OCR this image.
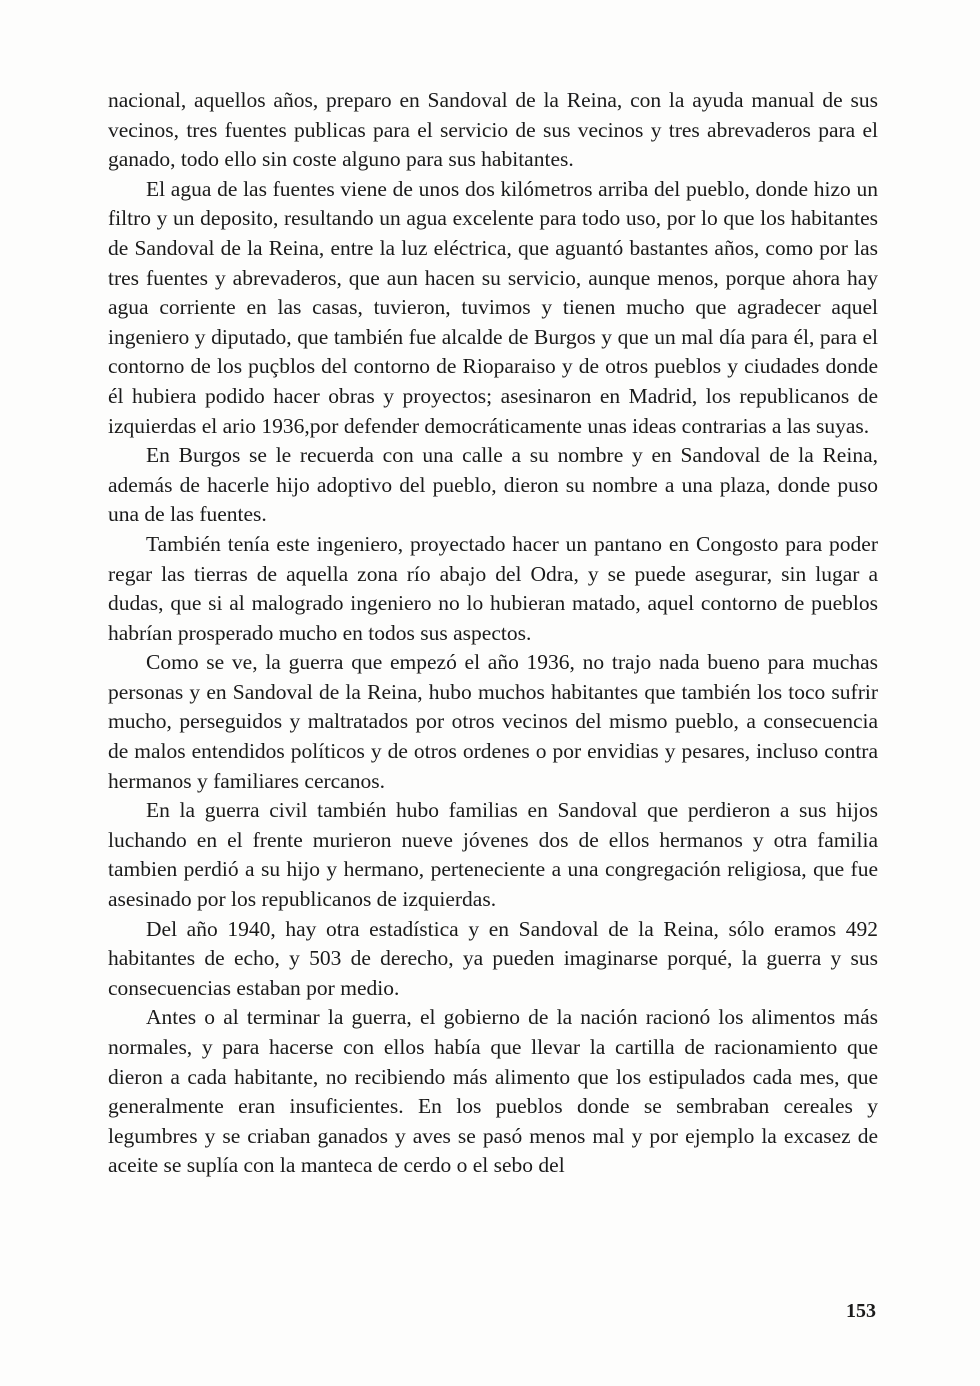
nacional, aquellos años, preparo en Sandoval de la Reina, con la ayuda manual de sus vecinos, tres fuentes publicas para el servicio de sus vecinos y tres abrevaderos para el ganado, todo ello sin coste alguno para sus habitantes.

El agua de las fuentes viene de unos dos kilómetros arriba del pueblo, donde hizo un filtro y un deposito, resultando un agua excelente para todo uso, por lo que los habitantes de Sandoval de la Reina, entre la luz eléctrica, que aguantó bastantes años, como por las tres fuentes y abrevaderos, que aun hacen su servicio, aunque menos, porque ahora hay agua corriente en las casas, tuvieron, tuvimos y tienen mucho que agradecer aquel ingeniero y diputado, que también fue alcalde de Burgos y que un mal día para él, para el contorno de los puçblos del contorno de Rioparaiso y de otros pueblos y ciudades donde él hubiera podido hacer obras y proyectos; asesinaron en Madrid, los republicanos de izquierdas el ario 1936,por defender democráticamente unas ideas contrarias a las suyas.

En Burgos se le recuerda con una calle a su nombre y en Sandoval de la Reina, además de hacerle hijo adoptivo del pueblo, dieron su nombre a una plaza, donde puso una de las fuentes.

También tenía este ingeniero, proyectado hacer un pantano en Congosto para poder regar las tierras de aquella zona río abajo del Odra, y se puede asegurar, sin lugar a dudas, que si al malogrado ingeniero no lo hubieran matado, aquel contorno de pueblos habrían prosperado mucho en todos sus aspectos.

Como se ve, la guerra que empezó el año 1936, no trajo nada bueno para muchas personas y en Sandoval de la Reina, hubo muchos habitantes que también los toco sufrir mucho, perseguidos y maltratados por otros vecinos del mismo pueblo, a consecuencia de malos entendidos políticos y de otros ordenes o por envidias y pesares, incluso contra hermanos y familiares cercanos.

En la guerra civil también hubo familias en Sandoval que perdieron a sus hijos luchando en el frente murieron nueve jóvenes dos de ellos hermanos y otra familia tambien perdió a su hijo y hermano, perteneciente a una congregación religiosa, que fue asesinado por los republicanos de izquierdas.

Del año 1940, hay otra estadística y en Sandoval de la Reina, sólo eramos 492 habitantes de echo, y 503 de derecho, ya pueden imaginarse porqué, la guerra y sus consecuencias estaban por medio.

Antes o al terminar la guerra, el gobierno de la nación racionó los alimentos más normales, y para hacerse con ellos había que llevar la cartilla de racionamiento que dieron a cada habitante, no recibiendo más alimento que los estipulados cada mes, que generalmente eran insuficientes. En los pueblos donde se sembraban cereales y legumbres y se criaban ganados y aves se pasó menos mal y por ejemplo la excasez de aceite se suplía con la manteca de cerdo o el sebo del

153
